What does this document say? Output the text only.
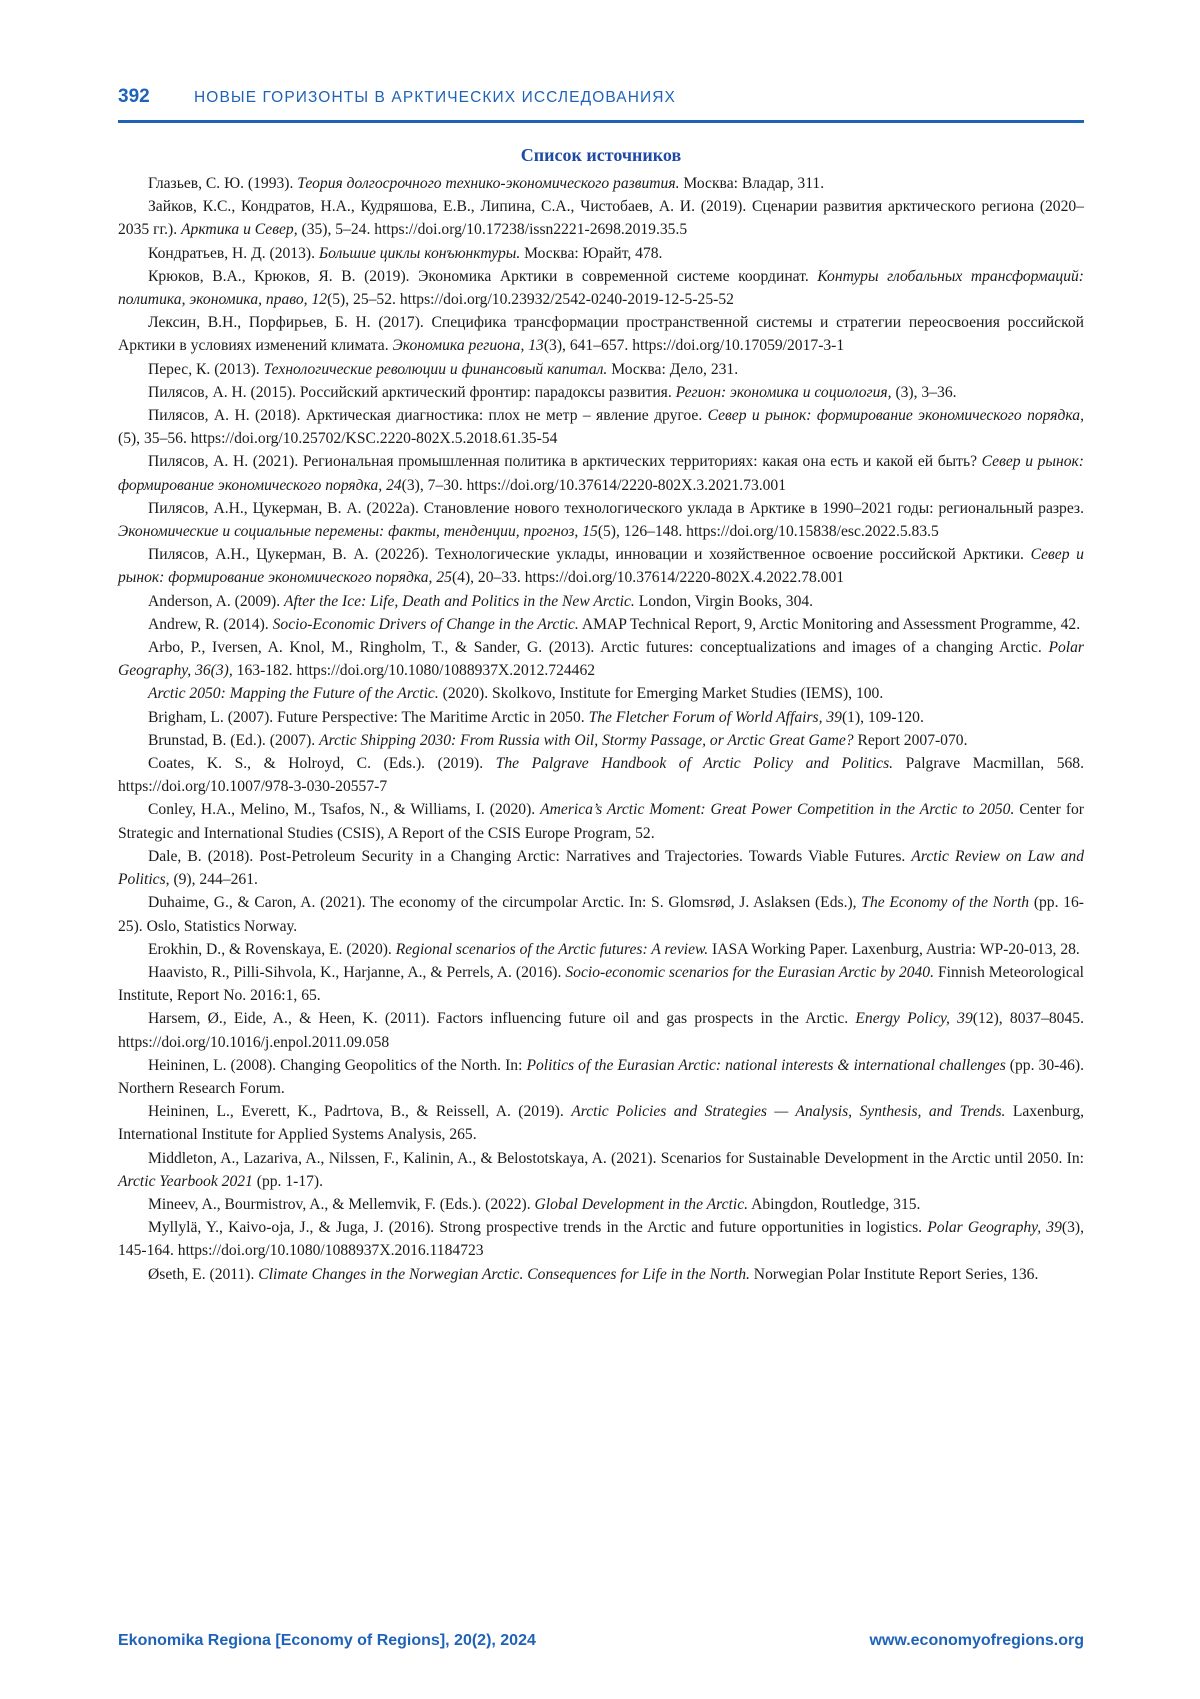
392	НОВЫЕ ГОРИЗОНТЫ В АРКТИЧЕСКИХ ИССЛЕДОВАНИЯХ
Список источников

Глазьев, С. Ю. (1993). Теория долгосрочного технико-экономического развития. Москва: Владар, 311.

Зайков, К.С., Кондратов, Н.А., Кудряшова, Е.В., Липина, С.А., Чистобаев, А. И. (2019). Сценарии развития арктического региона (2020–2035 гг.). Арктика и Север, (35), 5–24. https://doi.org/10.17238/issn2221-2698.2019.35.5

Кондратьев, Н. Д. (2013). Большие циклы конъюнктуры. Москва: Юрайт, 478.

Крюков, В.А., Крюков, Я. В. (2019). Экономика Арктики в современной системе координат. Контуры глобальных трансформаций: политика, экономика, право, 12(5), 25–52. https://doi.org/10.23932/2542-0240-2019-12-5-25-52

Лексин, В.Н., Порфирьев, Б. Н. (2017). Специфика трансформации пространственной системы и стратегии переосвоения российской Арктики в условиях изменений климата. Экономика региона, 13(3), 641–657. https://doi.org/10.17059/2017-3-1

Перес, К. (2013). Технологические революции и финансовый капитал. Москва: Дело, 231.

Пилясов, А. Н. (2015). Российский арктический фронтир: парадоксы развития. Регион: экономика и социология, (3), 3–36.

Пилясов, А. Н. (2018). Арктическая диагностика: плох не метр – явление другое. Север и рынок: формирование экономического порядка, (5), 35–56. https://doi.org/10.25702/KSC.2220-802X.5.2018.61.35-54

Пилясов, А. Н. (2021). Региональная промышленная политика в арктических территориях: какая она есть и какой ей быть? Север и рынок: формирование экономического порядка, 24(3), 7–30. https://doi.org/10.37614/2220-802X.3.2021.73.001

Пилясов, А.Н., Цукерман, В. А. (2022а). Становление нового технологического уклада в Арктике в 1990–2021 годы: региональный разрез. Экономические и социальные перемены: факты, тенденции, прогноз, 15(5), 126–148. https://doi.org/10.15838/esc.2022.5.83.5

Пилясов, А.Н., Цукерман, В. А. (2022б). Технологические уклады, инновации и хозяйственное освоение российской Арктики. Север и рынок: формирование экономического порядка, 25(4), 20–33. https://doi.org/10.37614/2220-802X.4.2022.78.001

Anderson, A. (2009). After the Ice: Life, Death and Politics in the New Arctic. London, Virgin Books, 304.

Andrew, R. (2014). Socio-Economic Drivers of Change in the Arctic. AMAP Technical Report, 9, Arctic Monitoring and Assessment Programme, 42.

Arbo, P., Iversen, A. Knol, M., Ringholm, T., & Sander, G. (2013). Arctic futures: conceptualizations and images of a changing Arctic. Polar Geography, 36(3), 163-182. https://doi.org/10.1080/1088937X.2012.724462

Arctic 2050: Mapping the Future of the Arctic. (2020). Skolkovo, Institute for Emerging Market Studies (IEMS), 100.

Brigham, L. (2007). Future Perspective: The Maritime Arctic in 2050. The Fletcher Forum of World Affairs, 39(1), 109-120.

Brunstad, B. (Ed.). (2007). Arctic Shipping 2030: From Russia with Oil, Stormy Passage, or Arctic Great Game? Report 2007-070.

Coates, K. S., & Holroyd, C. (Eds.). (2019). The Palgrave Handbook of Arctic Policy and Politics. Palgrave Macmillan, 568. https://doi.org/10.1007/978-3-030-20557-7

Conley, H.A., Melino, M., Tsafos, N., & Williams, I. (2020). America’s Arctic Moment: Great Power Competition in the Arctic to 2050. Center for Strategic and International Studies (CSIS), A Report of the CSIS Europe Program, 52.

Dale, B. (2018). Post-Petroleum Security in a Changing Arctic: Narratives and Trajectories. Towards Viable Futures. Arctic Review on Law and Politics, (9), 244–261.

Duhaime, G., & Caron, A. (2021). The economy of the circumpolar Arctic. In: S. Glomsrød, J. Aslaksen (Eds.), The Economy of the North (pp. 16-25). Oslo, Statistics Norway.

Erokhin, D., & Rovenskaya, E. (2020). Regional scenarios of the Arctic futures: A review. IASA Working Paper. Laxenburg, Austria: WP-20-013, 28.

Haavisto, R., Pilli-Sihvola, K., Harjanne, A., & Perrels, A. (2016). Socio-economic scenarios for the Eurasian Arctic by 2040. Finnish Meteorological Institute, Report No. 2016:1, 65.

Harsem, Ø., Eide, A., & Heen, K. (2011). Factors influencing future oil and gas prospects in the Arctic. Energy Policy, 39(12), 8037–8045. https://doi.org/10.1016/j.enpol.2011.09.058

Heininen, L. (2008). Changing Geopolitics of the North. In: Politics of the Eurasian Arctic: national interests & international challenges (pp. 30-46). Northern Research Forum.

Heininen, L., Everett, K., Padrtova, B., & Reissell, A. (2019). Arctic Policies and Strategies — Analysis, Synthesis, and Trends. Laxenburg, International Institute for Applied Systems Analysis, 265.

Middleton, A., Lazariva, A., Nilssen, F., Kalinin, A., & Belostotskaya, A. (2021). Scenarios for Sustainable Development in the Arctic until 2050. In: Arctic Yearbook 2021 (pp. 1-17).

Mineev, A., Bourmistrov, A., & Mellemvik, F. (Eds.). (2022). Global Development in the Arctic. Abingdon, Routledge, 315.

Myllylä, Y., Kaivo-oja, J., & Juga, J. (2016). Strong prospective trends in the Arctic and future opportunities in logistics. Polar Geography, 39(3), 145-164. https://doi.org/10.1080/1088937X.2016.1184723

Øseth, E. (2011). Climate Changes in the Norwegian Arctic. Consequences for Life in the North. Norwegian Polar Institute Report Series, 136.

Ekonomika Regiona [Economy of Regions], 20(2), 2024	www.economyofregions.org
